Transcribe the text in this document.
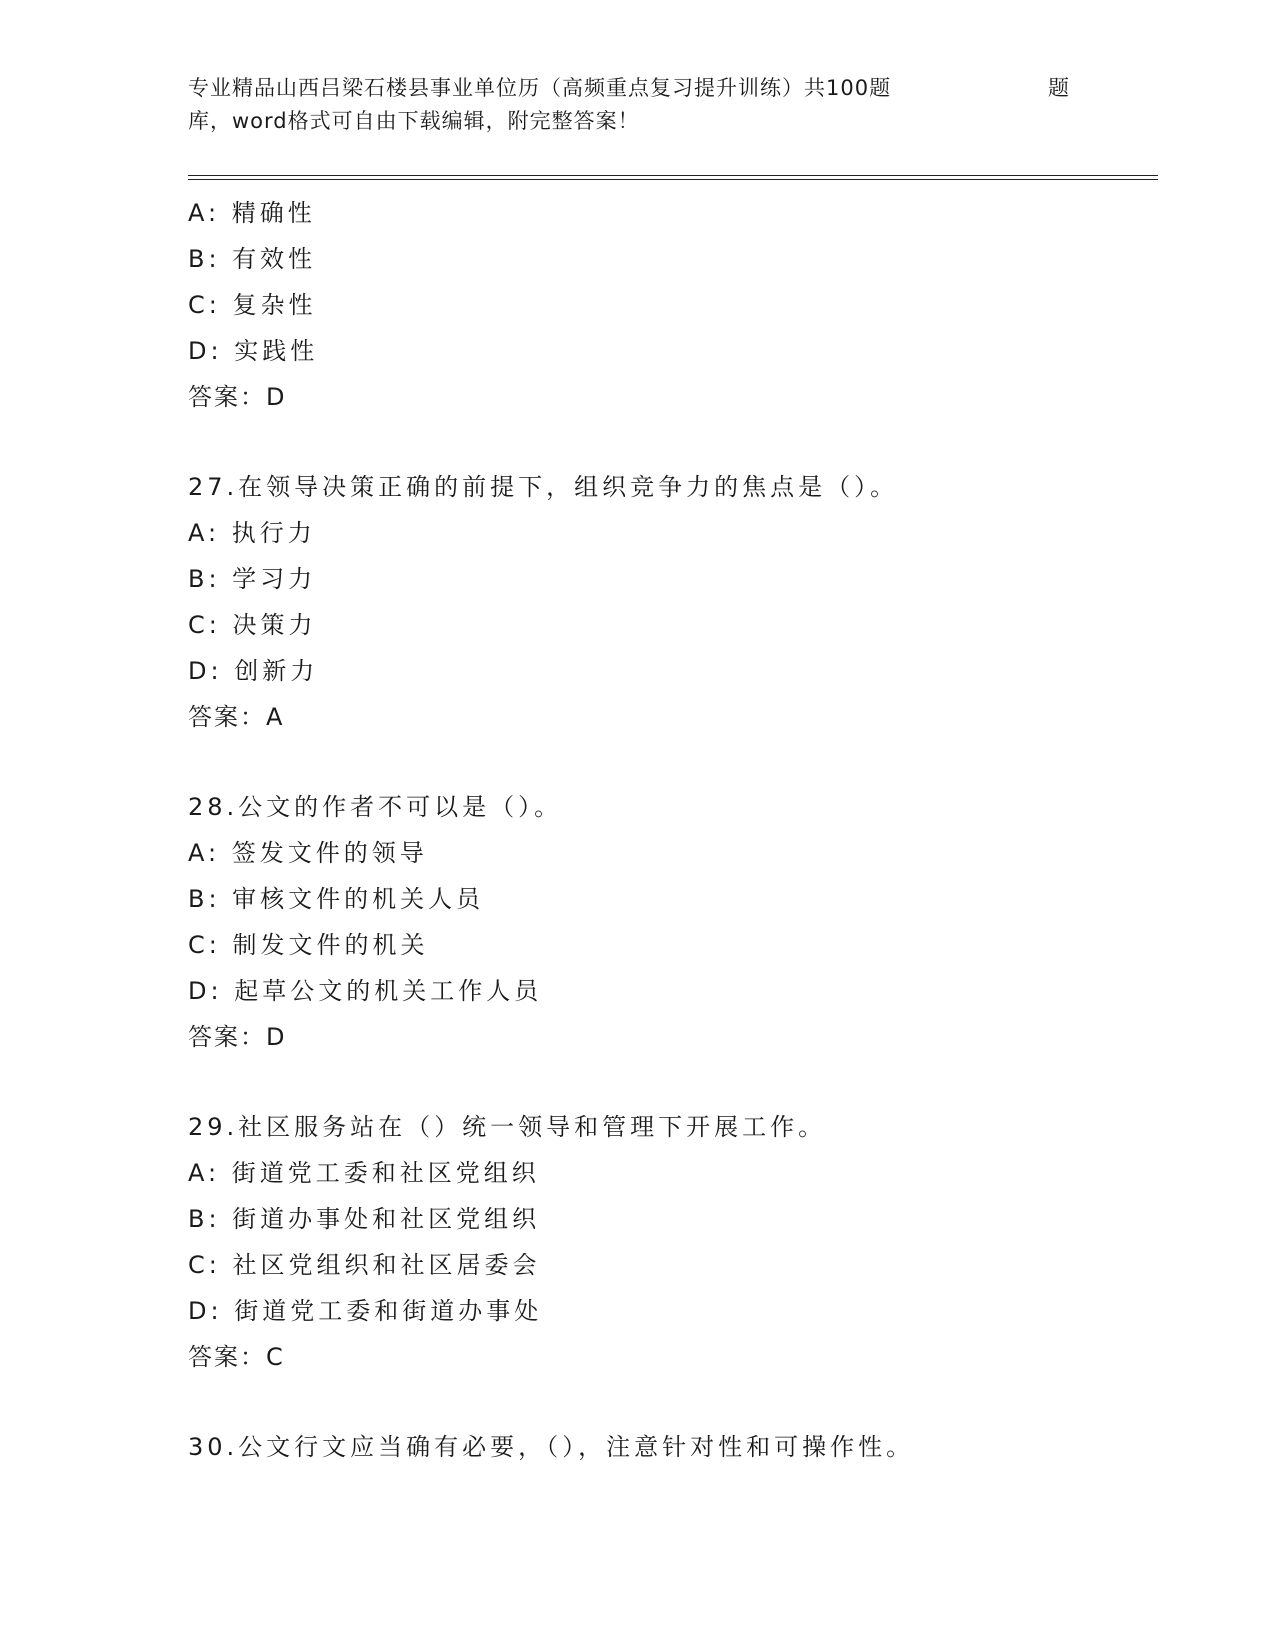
专业精品山西吕梁石楼县事业单位历（高频重点复习提升训练）共100题
库，word格式可自由下载编辑，附完整答案！
题
A: 精确性
B: 有效性
C: 复杂性
D: 实践性
答案：D
27.在领导决策正确的前提下，组织竞争力的焦点是（）。
A: 执行力
B: 学习力
C: 决策力
D: 创新力
答案：A
28.公文的作者不可以是（）。
A: 签发文件的领导
B: 审核文件的机关人员
C: 制发文件的机关
D: 起草公文的机关工作人员
答案：D
29.社区服务站在（）统一领导和管理下开展工作。
A: 街道党工委和社区党组织
B: 街道办事处和社区党组织
C: 社区党组织和社区居委会
D: 街道党工委和街道办事处
答案：C
30.公文行文应当确有必要，（），注意针对性和可操作性。
